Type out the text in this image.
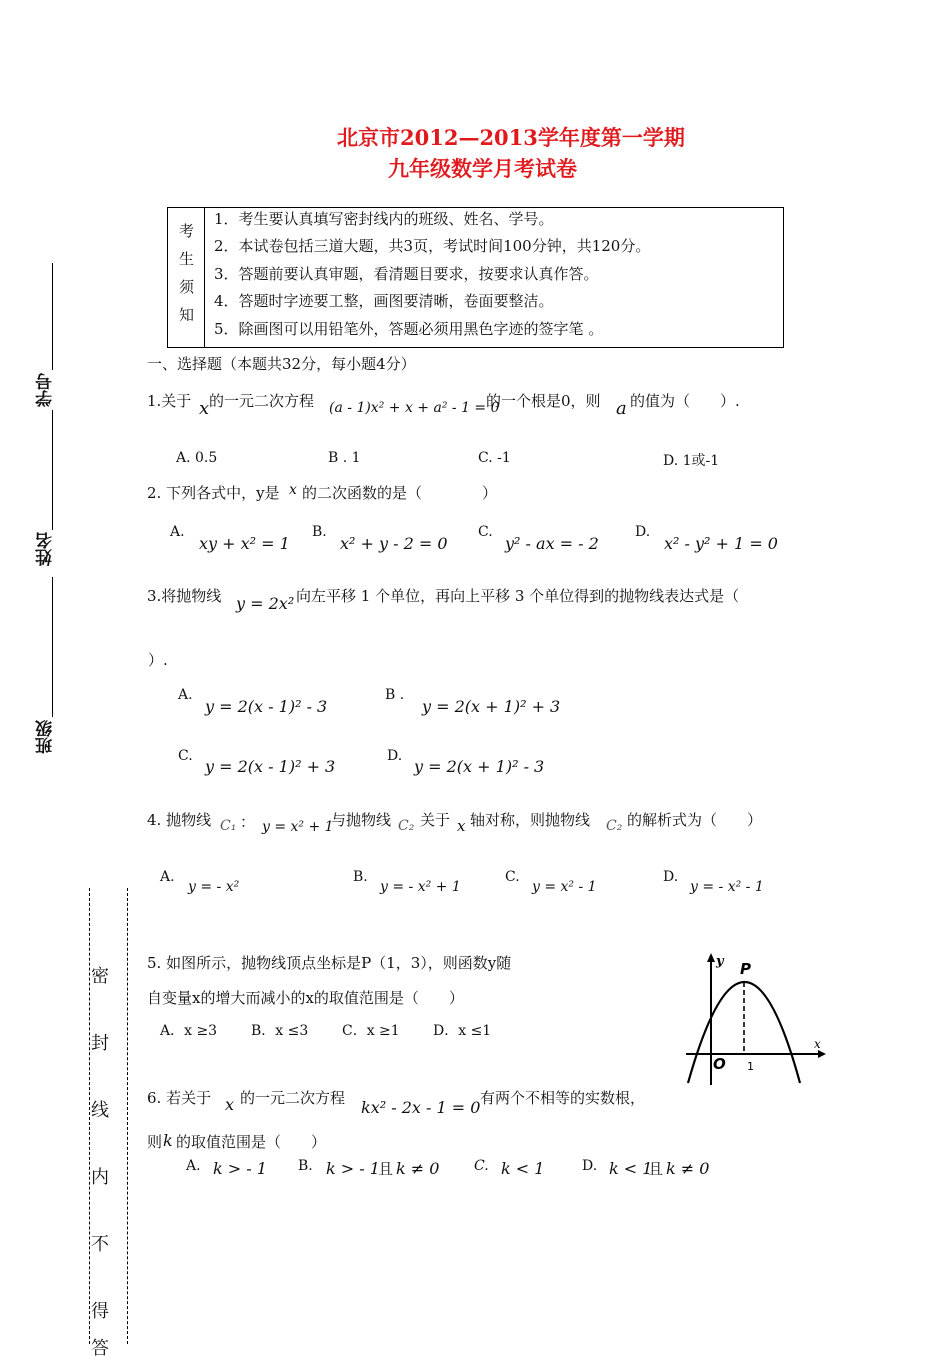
北京市2012—2013学年度第一学期
九年级数学月考试卷
考
生
须
知
1．考生要认真填写密封线内的班级、姓名、学号。
2．本试卷包括三道大题，共3页，考试时间100分钟，共120分。
3．答题前要认真审题，看清题目要求，按要求认真作答。
4．答题时字迹要工整，画图要清晰，卷面要整洁。
5．除画图可以用铅笔外，答题必须用黑色字迹的签字笔 。
学号
姓名
班级
密
封
线
内
不
得
答
一、选择题（本题共32分，每小题4分）
1.关于 x 的一元二次方程 (a - 1)x² + x + a² - 1 = 0
的一个根是0，则 a 的值为（　　）.
A. 0.5	B . 1	C. -1	D. 1或-1
2. 下列各式中，y是 x 的二次函数的是（　　　　）
A.
xy + x² = 1
B.
x² + y - 2 = 0
C.
y² - ax = - 2
D.
x² - y² + 1 = 0
3.将抛物线 y = 2x² 向左平移 1 个单位，再向上平移 3 个单位得到的抛物线表达式是（
）.
A.
y = 2(x - 1)² - 3
B .
y = 2(x + 1)² + 3
C.
y = 2(x - 1)² + 3
D.
y = 2(x + 1)² - 3
4. 抛物线 C₁ ： y = x² + 1
与抛物线 C₂ 关于 x 轴对称，则抛物线 C₂ 的解析式为（　　）
A.
y = - x²
B.
y = - x² + 1
C.
y = x² - 1
D.
y = - x² - 1
5. 如图所示，抛物线顶点坐标是P（1，3），则函数y随
自变量x的增大而减小的x的取值范围是（　　）
A．x ≥3 B．x ≤3 C．x ≥1 D．x ≤1
y P
O 1
x
6. 若关于 x 的一元二次方程 kx² - 2x - 1 = 0 有两个不相等的实数根，
则 k 的取值范围是（　　）
A. k > - 1 B. k > - 1
且 k ≠ 0 C. k < 1	D. k < 1
且 k ≠ 0
